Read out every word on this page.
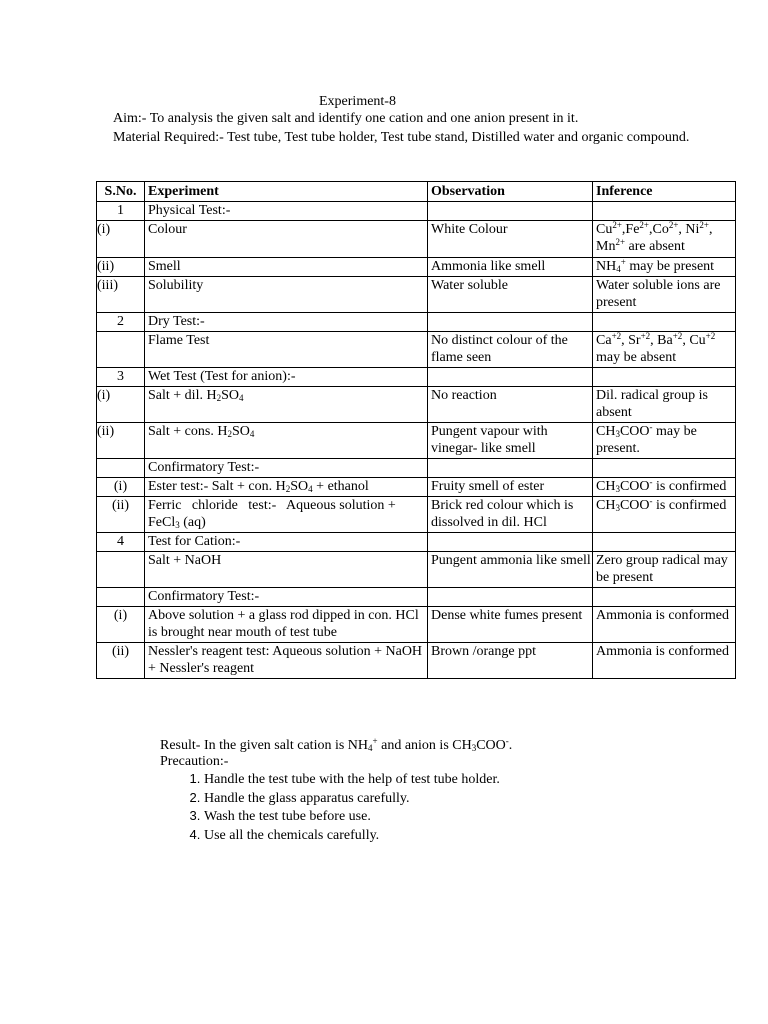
Experiment-8
Aim:- To analysis the given salt and identify one cation and one anion present in it.
Material Required:- Test tube, Test tube holder, Test tube stand, Distilled water and organic compound.
S.No.	Experiment	Observation	Inference
1	Physical Test:-		
(i)	Colour	White Colour	$Cu^{2+},Fe^{2+},Co^{2+}$, $Ni^{2+}$, $Mn^{2+}$ are absent
(ii)	Smell	Ammonia like smell	$NH_4^+$ may be present
(iii)	Solubility	Water soluble	Water soluble ions are present
2	Dry Test:-		
	Flame Test	No distinct colour of the flame seen	$Ca^{+2}$, $Sr^{+2}$, $Ba^{+2}$, $Cu^{+2}$ may be absent
3	Wet Test (Test for anion):-		
(i)	Salt + dil. $H_2SO_4$	No reaction	Dil. radical group is absent
(ii)	Salt + cons. $H_2SO_4$	Pungent vapour with vinegar- like smell	$CH_3COO^-$ may be present.
	Confirmatory Test:-		
(i)	Ester test:- Salt + con. $H_2SO_4$ + ethanol	Fruity smell of ester	$CH_3COO^-$ is confirmed
(ii)	Ferric   chloride   test:-   Aqueous solution + FeCl$_3$ (aq)	Brick red colour which is dissolved in dil. HCl	$CH_3COO^-$ is confirmed
4	Test for Cation:-		
	Salt + NaOH	Pungent ammonia like smell	Zero group radical may be present
	Confirmatory Test:-		
(i)	Above solution + a glass rod dipped in con. HCl is brought near mouth of test tube	Dense white fumes present	Ammonia is conformed
(ii)	Nessler's reagent test: Aqueous solution + NaOH + Nessler's reagent	Brown /orange ppt	Ammonia is conformed
Result- In the given salt cation is $NH_4^+$ and anion is $CH_3COO^-$.
Precaution:-
1. Handle the test tube with the help of test tube holder.
2. Handle the glass apparatus carefully.
3. Wash the test tube before use.
4. Use all the chemicals carefully.
